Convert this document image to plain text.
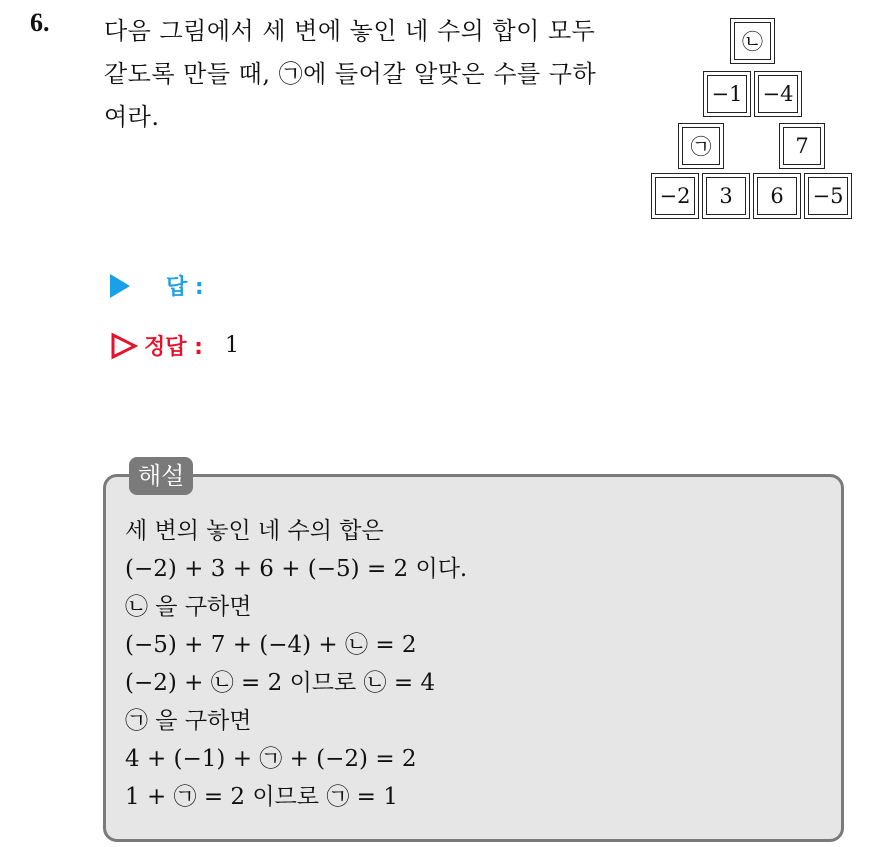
6. 다음 그림에서 세 변에 놓인 네 수의 합이 모두
같도록 만들 때, ㉠에 들어갈 알맞은 수를 구하
여라.
㉡
−1 −4
㉠	7
−2	3	6	−5
답 :
정답 : 1
해설
세 변의 놓인 네 수의 합은
(−2) + 3 + 6 + (−5) = 2 이다.
㉡ 을 구하면
(−5) + 7 + (−4) + ㉡ = 2
(−2) + ㉡ = 2 이므로 ㉡ = 4
㉠ 을 구하면
4 + (−1) + ㉠ + (−2) = 2
1 + ㉠ = 2 이므로 ㉠ = 1
